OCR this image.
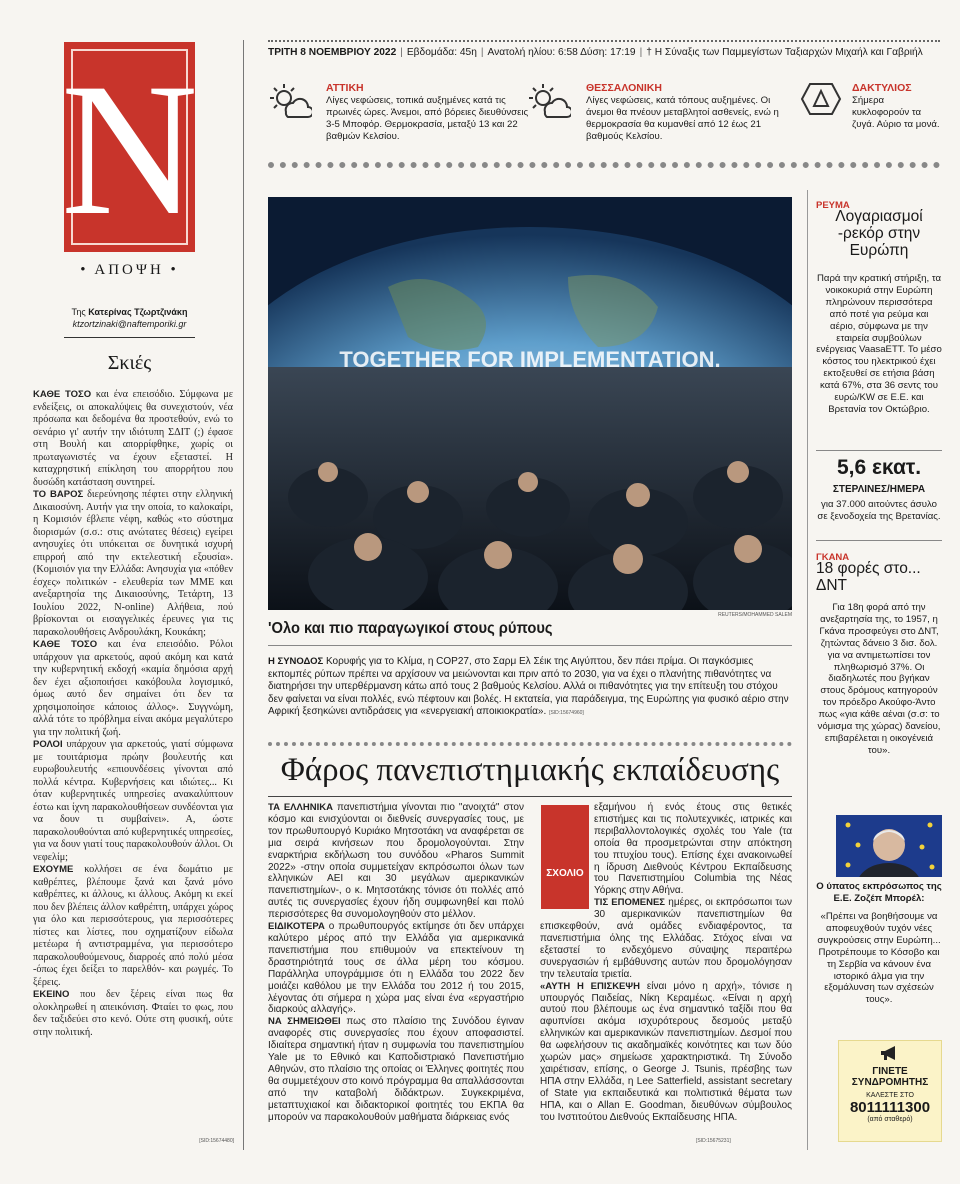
N
• ΑΠΟΨΗ •
Της Κατερίνας Τζωρτζινάκη
ktzortzinaki@naftemporiki.gr
Σκιές

ΚΑΘΕ ΤΟΣΟ και ένα επεισόδιο. Σύμφωνα με ενδείξεις, οι αποκαλύψεις θα συνεχιστούν, νέα πρόσωπα και δεδομένα θα προστεθούν, ενώ το σενάριο γι' αυτήν την ιδιότυπη ΣΔΙΤ (;) έφασε στη Βουλή και απορρίφθηκε, χωρίς οι πρωταγωνιστές να έχουν εξεταστεί. Η καταχρηστική επίκληση του απορρήτου που δυσώδη κατάσταση συντηρεί.

ΤΟ ΒΑΡΟΣ διερεύνησης πέφτει στην ελληνική Δικαιοσύνη. Αυτήν για την οποία, το καλοκαίρι, η Κομισιόν έβλεπε νέφη, καθώς «το σύστημα διορισμών (σ.σ.: στις ανώτατες θέσεις) εγείρει ανησυχίες ότι υπόκειται σε δυνητικά ισχυρή επιρροή από την εκτελεστική εξουσία». (Κομισιόν για την Ελλάδα: Ανησυχία για «πόθεν έσχες» πολιτικών - ελευθερία των ΜΜΕ και ανεξαρτησία της Δικαιοσύνης, Τετάρτη, 13 Ιουλίου 2022, N-online) Αλήθεια, πού βρίσκονται οι εισαγγελικές έρευνες για τις παρακολουθήσεις Ανδρουλάκη, Κουκάκη;

ΚΑΘΕ ΤΟΣΟ και ένα επεισόδιο. Ρόλοι υπάρχουν για αρκετούς, αφού ακόμη και κατά την κυβερνητική εκδοχή «καμία δημόσια αρχή δεν έχει αξιοποιήσει κακόβουλα λογισμικό, όμως αυτό δεν σημαίνει ότι δεν τα χρησιμοποίησε κάποιος άλλος». Συγγνώμη, αλλά τότε το πρόβλημα είναι ακόμα μεγαλύτερο για την πολιτική ζωή.

ΡΟΛΟΙ υπάρχουν για αρκετούς, γιατί σύμφωνα με τουιτάρισμα πρώην βουλευτής και ευρωβουλευτής «επιουνδέσεις γίνονται από πολλά κέντρα. Κυβερνήσεις και ιδιώτες... Κι όταν κυβερνητικές υπηρεσίες ανακαλύπτουν έστω και ίχνη παρακολουθήσεων συνδέονται για να δουν τι συμβαίνει». Α, ώστε παρακολουθούνται από κυβερνητικές υπηρεσίες, για να δουν γιατί τους παρακολουθούν άλλοι. Οι νεφελίμ;

ΕΧΟΥΜΕ κολλήσει σε ένα δωμάτιο με καθρέπτες, βλέπουμε ξανά και ξανά μόνο καθρέπτες, κι άλλους, κι άλλους. Ακόμη κι εκεί που δεν βλέπεις άλλον καθρέπτη, υπάρχει χώρος για όλο και περισσότερους, για περισσότερες πίστες και λίστες, που σχηματίζουν είδωλα μετέωρα ή αντιστραμμένα, για περισσότερο παρακολουθούμενους, διαρροές από πολύ μέσα -όπως έχει δείξει το παρελθόν- και ρωγμές. Το ξέρεις.

ΕΚΕΙΝΟ που δεν ξέρεις είναι πως θα ολοκληρωθεί η απεικόνιση. Φταίει το φως, που δεν ταξιδεύει στο κενό. Ούτε στη φυσική, ούτε στην πολιτική.

[SID:15674480]
ΤΡΙΤΗ 8 ΝΟΕΜΒΡΙΟΥ 2022 | Εβδομάδα: 45η | Ανατολή ηλίου: 6:58 Δύση: 17:19 | † Η Σύναξις των Παμμεγίστων Ταξιαρχών Μιχαήλ και Γαβριήλ
ΑΤΤΙΚΗ
Λίγες νεφώσεις, τοπικά αυξημένες κατά τις πρωινές ώρες. Άνεμοι, από βόρειες διευθύνσεις 3-5 Μποφόρ. Θερμοκρασία, μεταξύ 13 και 22 βαθμών Κελσίου.
ΘΕΣΣΑΛΟΝΙΚΗ
Λίγες νεφώσεις, κατά τόπους αυξημένες. Οι άνεμοι θα πνέουν μεταβλητοί ασθενείς, ενώ η θερμοκρασία θα κυμανθεί από 12 έως 21 βαθμούς Κελσίου.
ΔΑΚΤΥΛΙΟΣ
Σήμερα κυκλοφορούν τα ζυγά. Αύριο τα μονά.
TOGETHER FOR IMPLEMENTATION.
REUTERS/MOHAMMED SALEM
'Ολο και πιο παραγωγικοί στους ρύπους
Η ΣΥΝΟΔΟΣ Κορυφής για το Κλίμα, η COP27, στο Σαρμ Ελ Σέικ της Αιγύπτου, δεν πάει πρίμα. Οι παγκόσμιες εκπομπές ρύπων πρέπει να αρχίσουν να μειώνονται και πριν από το 2030, για να έχει ο πλανήτης πιθανότητες να διατηρήσει την υπερθέρμανση κάτω από τους 2 βαθμούς Κελσίου. Αλλά οι πιθανότητες για την επίτευξη του στόχου δεν φαίνεται να είναι πολλές, ενώ πέφτουν και βολές. Η εκτατεία, για παράδειγμα, της Ευρώπης για φυσικό αέριο στην Αφρική ξεσηκώνει αντιδράσεις για «ενεργειακή αποικιοκρατία». [SID:15674960]
Φάρος πανεπιστημιακής εκπαίδευσης

ΤΑ ΕΛΛΗΝΙΚΑ πανεπιστήμια γίνονται πιο "ανοιχτά" στον κόσμο και ενισχύονται οι διεθνείς συνεργασίες τους, με τον πρωθυπουργό Κυριάκο Μητσοτάκη να αναφέρεται σε μια σειρά κινήσεων που δρομολογούνται. Στην εναρκτήρια εκδήλωση του συνόδου «Pharos Summit 2022» -στην οποία συμμετείχαν εκπρόσωποι όλων των ελληνικών ΑΕΙ και 30 μεγάλων αμερικανικών πανεπιστημίων-, ο κ. Μητσοτάκης τόνισε ότι πολλές από αυτές τις συνεργασίες έχουν ήδη συμφωνηθεί και πολύ περισσότερες θα συνομολογηθούν στο μέλλον.

ΕΙΔΙΚΟΤΕΡΑ ο πρωθυπουργός εκτίμησε ότι δεν υπάρχει καλύτερο μέρος από την Ελλάδα για αμερικανικά πανεπιστήμια που επιθυμούν να επεκτείνουν τη δραστηριότητά τους σε άλλα μέρη του κόσμου. Παράλληλα υπογράμμισε ότι η Ελλάδα του 2022 δεν μοιάζει καθόλου με την Ελλάδα του 2012 ή του 2015, λέγοντας ότι σήμερα η χώρα μας είναι ένα «εργαστήριο διαρκούς αλλαγής».

ΝΑ ΣΗΜΕΙΩΘΕΙ πως στο πλαίσιο της Συνόδου έγιναν αναφορές στις συνεργασίες που έχουν αποφασιστεί. Ιδιαίτερα σημαντική ήταν η συμφωνία του πανεπιστημίου Yale με το Εθνικό και Καποδιστριακό Πανεπιστήμιο Αθηνών, στο πλαίσιο της οποίας οι Έλληνες φοιτητές που θα συμμετέχουν στο κοινό πρόγραμμα θα απαλλάσσονται από την καταβολή διδάκτρων. Συγκεκριμένα, μεταπτυχιακοί και διδακτορικοί φοιτητές του ΕΚΠΑ θα μπορούν να παρακολουθούν μαθήματα διάρκειας ενός

ΣΧΟΛΙΟ

εξαμήνου ή ενός έτους στις θετικές επιστήμες και τις πολυτεχνικές, ιατρικές και περιβαλλοντολογικές σχολές του Yale (τα οποία θα προσμετρώνται στην απόκτηση του πτυχίου τους). Επίσης έχει ανακοινωθεί η ίδρυση Διεθνούς Κέντρου Εκπαίδευσης του Πανεπιστημίου Columbia της Νέας Υόρκης στην Αθήνα.

ΤΙΣ ΕΠΟΜΕΝΕΣ ημέρες, οι εκπρόσωποι των 30 αμερικανικών πανεπιστημίων θα επισκεφθούν, ανά ομάδες ενδιαφέροντος, τα πανεπιστήμια όλης της Ελλάδας. Στόχος είναι να εξεταστεί το ενδεχόμενο σύναψης περαιτέρω συνεργασιών ή εμβάθυνσης αυτών που δρομολόγησαν την τελευταία τριετία.

«ΑΥΤΗ Η ΕΠΙΣΚΕΨΗ είναι μόνο η αρχή», τόνισε η υπουργός Παιδείας, Νίκη Κεραμέως. «Είναι η αρχή αυτού που βλέπουμε ως ένα σημαντικό ταξίδι που θα αφυπνίσει ακόμα ισχυρότερους δεσμούς μεταξύ ελληνικών και αμερικανικών πανεπιστημίων. Δεσμοί που θα ωφελήσουν τις ακαδημαϊκές κοινότητες και των δύο χωρών μας» σημείωσε χαρακτηριστικά. Τη Σύνοδο χαιρέτισαν, επίσης, ο George J. Tsunis, πρέσβης των ΗΠΑ στην Ελλάδα, η Lee Satterfield, assistant secretary of State για εκπαιδευτικά και πολιτιστικά θέματα των ΗΠΑ, και ο Allan E. Goodman, διευθύνων σύμβουλος του Ινστιτούτου Διεθνούς Εκπαίδευσης ΗΠΑ.

[SID:15675231]
ΡΕΥΜΑ
Λογαριασμοί -ρεκόρ στην Ευρώπη
Παρά την κρατική στήριξη, τα νοικοκυριά στην Ευρώπη πληρώνουν περισσότερα από ποτέ για ρεύμα και αέριο, σύμφωνα με την εταιρεία συμβούλων ενέργειας VaasaETT. Το μέσο κόστος του ηλεκτρικού έχει εκτοξευθεί σε ετήσια βάση κατά 67%, στα 36 σεντς του ευρώ/KW σε Ε.Ε. και Βρετανία τον Οκτώβριο.
5,6 εκατ.
ΣΤΕΡΛΙΝΕΣ/ΗΜΕΡΑ
για 37.000 αιτούντες άσυλο σε ξενοδοχεία της Βρετανίας.
ΓΚΑΝΑ
18 φορές στο... ΔΝΤ
Για 18η φορά από την ανεξαρτησία της, το 1957, η Γκάνα προσφεύγει στο ΔΝΤ, ζητώντας δάνειο 3 δισ. δολ. για να αντιμετωπίσει τον πληθωρισμό 37%. Οι διαδηλωτές που βγήκαν στους δρόμους κατηγορούν τον πρόεδρο Ακούφο-Άντο πως «για κάθε αέναι (σ.σ: το νόμισμα της χώρας) δανείου, επιβαρέλεται η οικογένειά του».
Ο ύπατος εκπρόσωπος της Ε.Ε. Ζοζέπ Μπορέλ:
«Πρέπει να βοηθήσουμε να αποφευχθούν τυχόν νέες συγκρούσεις στην Ευρώπη... Προτρέπουμε το Κόσοβο και τη Σερβία να κάνουν ένα ιστορικό άλμα για την εξομάλυνση των σχέσεών τους».
ΓΙΝΕΤΕ ΣΥΝΔΡΟΜΗΤΗΣ
ΚΑΛΕΣΤΕ ΣΤΟ
8011111300
(από σταθερό)
